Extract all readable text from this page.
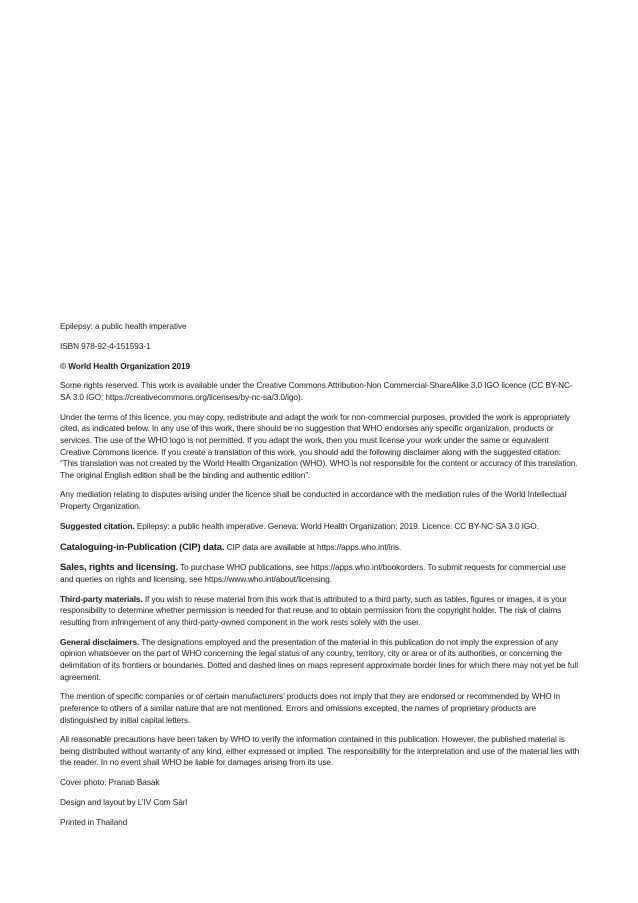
Epilepsy: a public health imperative

ISBN 978-92-4-151593-1

© World Health Organization 2019

Some rights reserved. This work is available under the Creative Commons Attribution-Non Commercial-ShareAlike 3.0 IGO licence (CC BY-NC-SA 3.0 IGO; https://creativecommons.org/licenses/by-nc-sa/3.0/igo).

Under the terms of this licence, you may copy, redistribute and adapt the work for non-commercial purposes, provided the work is appropriately cited, as indicated below. In any use of this work, there should be no suggestion that WHO endorses any specific organization, products or services. The use of the WHO logo is not permitted. If you adapt the work, then you must license your work under the same or equivalent Creative Commons licence. If you create a translation of this work, you should add the following disclaimer along with the suggested citation: “This translation was not created by the World Health Organization (WHO). WHO is not responsible for the content or accuracy of this translation. The original English edition shall be the binding and authentic edition”.

Any mediation relating to disputes arising under the licence shall be conducted in accordance with the mediation rules of the World Intellectual Property Organization.

Suggested citation. Epilepsy: a public health imperative. Geneva: World Health Organization; 2019. Licence: CC BY-NC-SA 3.0 IGO.

Cataloguing-in-Publication (CIP) data. CIP data are available at https://apps.who.int/iris.

Sales, rights and licensing. To purchase WHO publications, see https://apps.who.int/bookorders. To submit requests for commercial use and queries on rights and licensing, see https://www.who.int/about/licensing.

Third-party materials. If you wish to reuse material from this work that is attributed to a third party, such as tables, figures or images, it is your responsibility to determine whether permission is needed for that reuse and to obtain permission from the copyright holder. The risk of claims resulting from infringement of any third-party-owned component in the work rests solely with the user.

General disclaimers. The designations employed and the presentation of the material in this publication do not imply the expression of any opinion whatsoever on the part of WHO concerning the legal status of any country, territory, city or area or of its authorities, or concerning the delimitation of its frontiers or boundaries. Dotted and dashed lines on maps represent approximate border lines for which there may not yet be full agreement.

The mention of specific companies or of certain manufacturers’ products does not imply that they are endorsed or recommended by WHO in preference to others of a similar nature that are not mentioned. Errors and omissions excepted, the names of proprietary products are distinguished by initial capital letters.

All reasonable precautions have been taken by WHO to verify the information contained in this publication. However, the published material is being distributed without warranty of any kind, either expressed or implied. The responsibility for the interpretation and use of the material lies with the reader. In no event shall WHO be liable for damages arising from its use.

Cover photo: Pranab Basak

Design and layout by L’IV Com Sàrl

Printed in Thailand
